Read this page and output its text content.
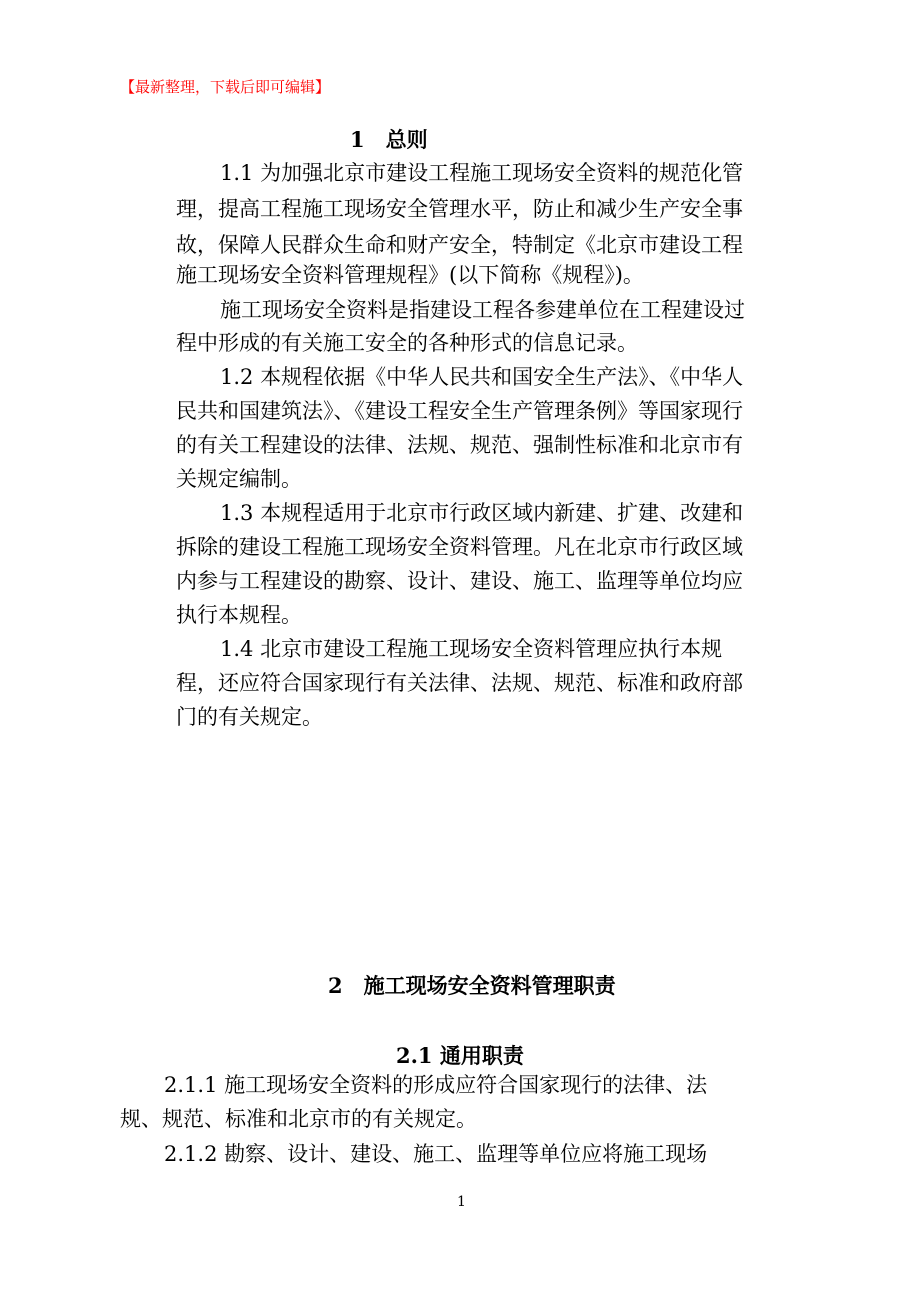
【最新整理，下载后即可编辑】

1　总则

1.1 为加强北京市建设工程施工现场安全资料的规范化管

理，提高工程施工现场安全管理水平，防止和减少生产安全事

故，保障人民群众生命和财产安全，特制定《北京市建设工程

施工现场安全资料管理规程》(以下简称《规程》)。

施工现场安全资料是指建设工程各参建单位在工程建设过

程中形成的有关施工安全的各种形式的信息记录。

1.2 本规程依据《中华人民共和国安全生产法》、《中华人

民共和国建筑法》、《建设工程安全生产管理条例》等国家现行

的有关工程建设的法律、法规、规范、强制性标准和北京市有

关规定编制。

1.3 本规程适用于北京市行政区域内新建、扩建、改建和

拆除的建设工程施工现场安全资料管理。凡在北京市行政区域

内参与工程建设的勘察、设计、建设、施工、监理等单位均应

执行本规程。

1.4 北京市建设工程施工现场安全资料管理应执行本规

程，还应符合国家现行有关法律、法规、规范、标准和政府部

门的有关规定。

2　施工现场安全资料管理职责
2.1 通用职责

2.1.1 施工现场安全资料的形成应符合国家现行的法律、法

规、规范、标准和北京市的有关规定。

2.1.2 勘察、设计、建设、施工、监理等单位应将施工现场

1
